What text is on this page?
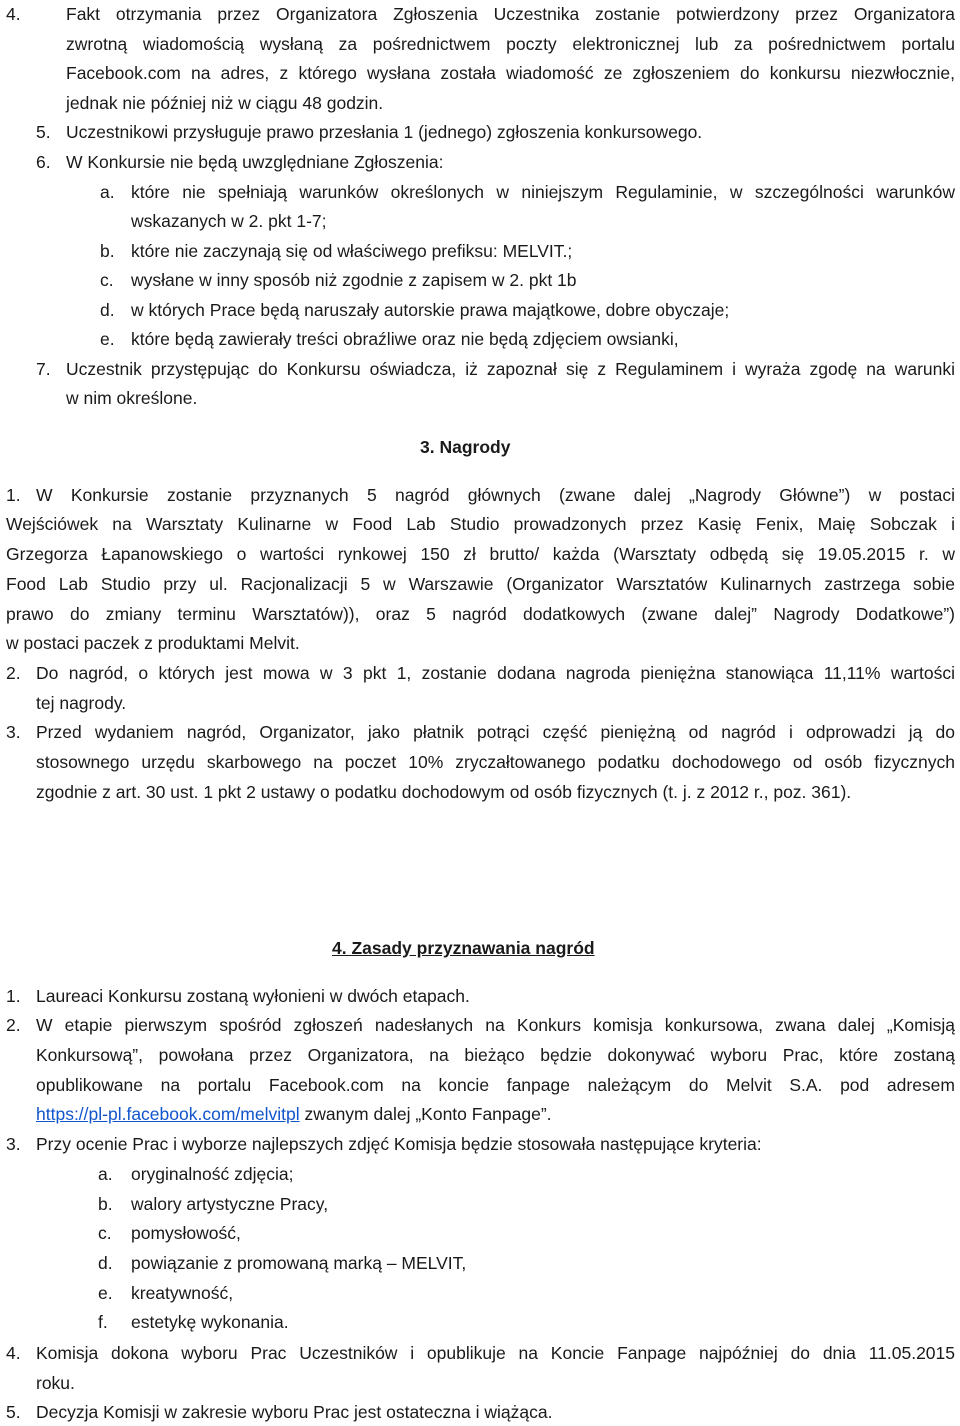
4.	Fakt otrzymania przez Organizatora Zgłoszenia Uczestnika zostanie potwierdzony przez Organizatora
zwrotną wiadomością wysłaną za pośrednictwem poczty elektronicznej lub za pośrednictwem portalu
Facebook.com na adres, z którego wysłana została wiadomość ze zgłoszeniem do konkursu niezwłocznie,
jednak nie później niż w ciągu 48 godzin.
5. Uczestnikowi przysługuje prawo przesłania 1 (jednego) zgłoszenia konkursowego.
6. W Konkursie nie będą uwzględniane Zgłoszenia:
a. które nie spełniają warunków określonych w niniejszym Regulaminie, w szczególności warunków
wskazanych w 2. pkt 1-7;
b. które nie zaczynają się od właściwego prefiksu: MELVIT.;
c. wysłane w inny sposób niż zgodnie z zapisem w 2. pkt 1b
d. w których Prace będą naruszały autorskie prawa majątkowe, dobre obyczaje;
e. które będą zawierały treści obraźliwe oraz nie będą zdjęciem owsianki,
7. Uczestnik przystępując do Konkursu oświadcza, iż zapoznał się z Regulaminem i wyraża zgodę na warunki
w nim określone.
3. Nagrody
1. W Konkursie zostanie przyznanych 5 nagród głównych (zwane dalej „Nagrody Główne”) w postaci
Wejściówek na Warsztaty Kulinarne w Food Lab Studio prowadzonych przez Kasię Fenix, Maię Sobczak i
Grzegorza Łapanowskiego o wartości rynkowej 150 zł brutto/ każda (Warsztaty odbędą się 19.05.2015 r. w
Food Lab Studio przy ul. Racjonalizacji 5 w Warszawie (Organizator Warsztatów Kulinarnych zastrzega sobie
prawo do zmiany terminu Warsztatów)), oraz 5 nagród dodatkowych (zwane dalej” Nagrody Dodatkowe”)
w postaci paczek z produktami Melvit.
2. Do nagród, o których jest mowa w 3 pkt 1, zostanie dodana nagroda pieniężna stanowiąca 11,11% wartości
tej nagrody.
3. Przed wydaniem nagród, Organizator, jako płatnik potrąci część pieniężną od nagród i odprowadzi ją do
stosownego urzędu skarbowego na poczet 10% zryczałtowanego podatku dochodowego od osób fizycznych
zgodnie z art. 30 ust. 1 pkt 2 ustawy o podatku dochodowym od osób fizycznych (t. j. z 2012 r., poz. 361).
4. Zasady przyznawania nagród
1. Laureaci Konkursu zostaną wyłonieni w dwóch etapach.
2. W etapie pierwszym spośród zgłoszeń nadesłanych na Konkurs komisja konkursowa, zwana dalej „Komisją
Konkursową”, powołana przez Organizatora, na bieżąco będzie dokonywać wyboru Prac, które zostaną
opublikowane na portalu Facebook.com na koncie fanpage należącym do Melvit S.A. pod adresem
https://pl-pl.facebook.com/melvitpl zwanym dalej „Konto Fanpage”.
3. Przy ocenie Prac i wyborze najlepszych zdjęć Komisja będzie stosowała następujące kryteria:
a. oryginalność zdjęcia;
b. walory artystyczne Pracy,
c. pomysłowość,
d. powiązanie z promowaną marką – MELVIT,
e. kreatywność,
f. estetykę wykonania.
4. Komisja dokona wyboru Prac Uczestników i opublikuje na Koncie Fanpage najpóźniej do dnia 11.05.2015
roku.
5. Decyzja Komisji w zakresie wyboru Prac jest ostateczna i wiążąca.
